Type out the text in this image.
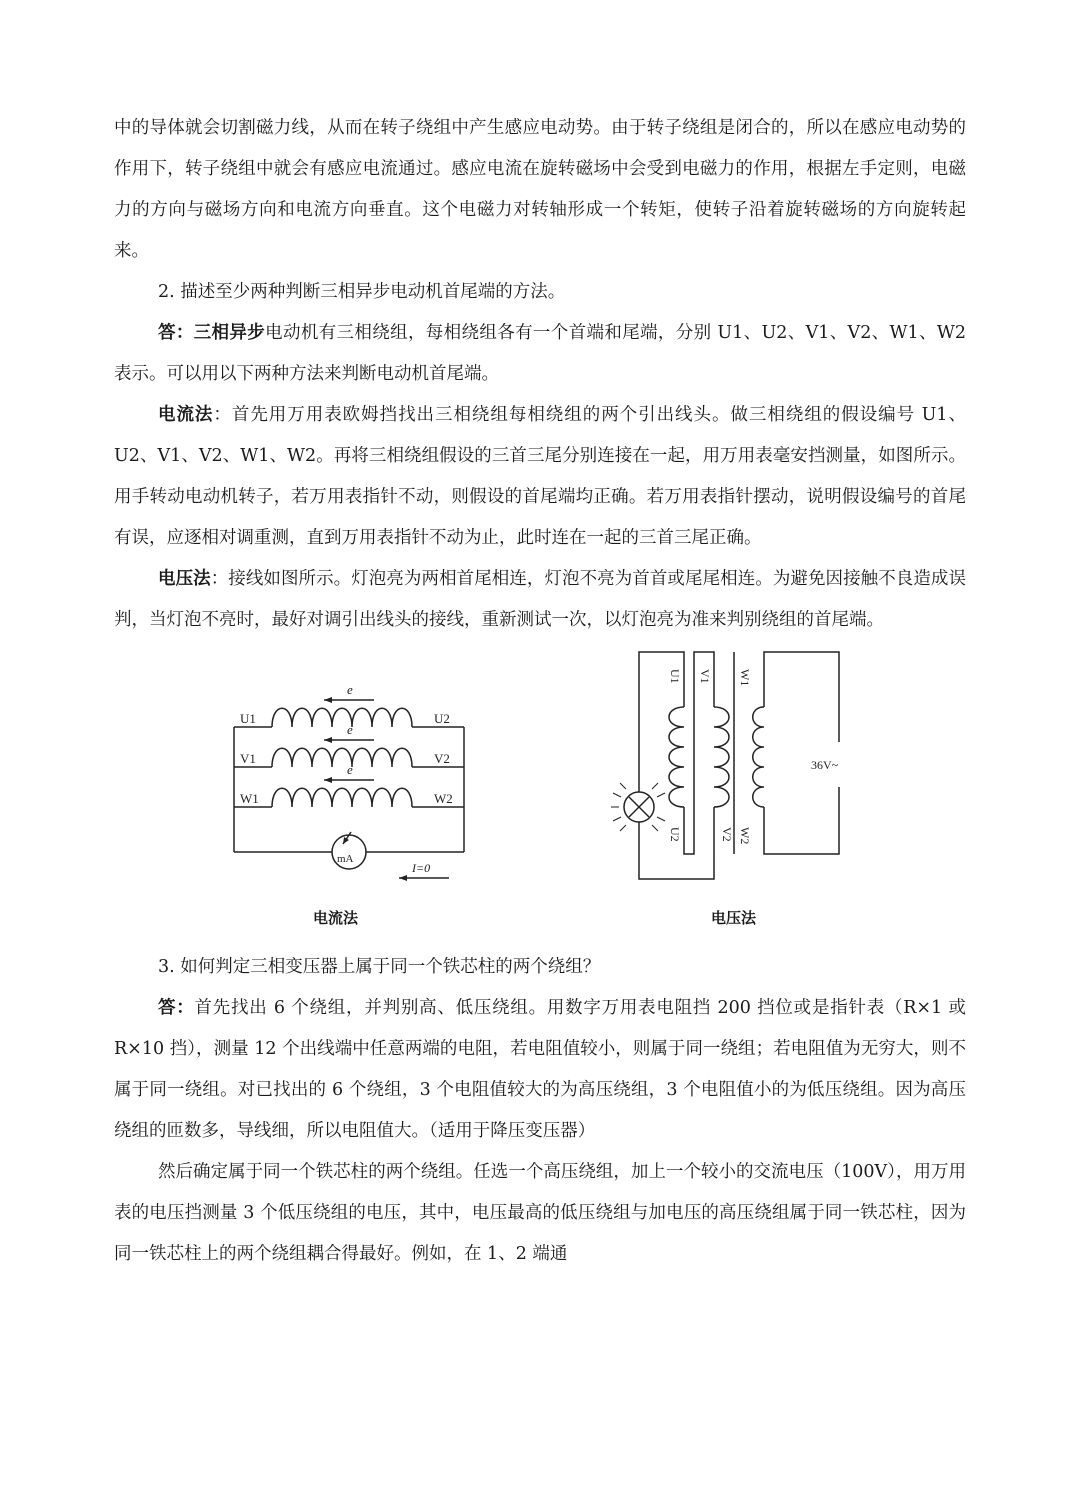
中的导体就会切割磁力线，从而在转子绕组中产生感应电动势。由于转子绕组是闭合的，所以在感应电动势的作用下，转子绕组中就会有感应电流通过。感应电流在旋转磁场中会受到电磁力的作用，根据左手定则，电磁力的方向与磁场方向和电流方向垂直。这个电磁力对转轴形成一个转矩，使转子沿着旋转磁场的方向旋转起来。

2. 描述至少两种判断三相异步电动机首尾端的方法。

答：三相异步电动机有三相绕组，每相绕组各有一个首端和尾端，分别 U1、U2、V1、V2、W1、W2 表示。可以用以下两种方法来判断电动机首尾端。

电流法：首先用万用表欧姆挡找出三相绕组每相绕组的两个引出线头。做三相绕组的假设编号 U1、U2、V1、V2、W1、W2。再将三相绕组假设的三首三尾分别连接在一起，用万用表毫安挡测量，如图所示。用手转动电动机转子，若万用表指针不动，则假设的首尾端均正确。若万用表指针摆动，说明假设编号的首尾有误，应逐相对调重测，直到万用表指针不动为止，此时连在一起的三首三尾正确。

电压法：接线如图所示。灯泡亮为两相首尾相连，灯泡不亮为首首或尾尾相连。为避免因接触不良造成误判，当灯泡不亮时，最好对调引出线头的接线，重新测试一次，以灯泡亮为准来判别绕组的首尾端。

U1	U2
V1	V2
W1	W2
e
e
e
mA
I=0
电流法
U1
U2
V1
V2
W1
W2
36V~
电压法

3. 如何判定三相变压器上属于同一个铁芯柱的两个绕组？

答：首先找出 6 个绕组，并判别高、低压绕组。用数字万用表电阻挡 200 挡位或是指针表（R×1 或 R×10 挡），测量 12 个出线端中任意两端的电阻，若电阻值较小，则属于同一绕组；若电阻值为无穷大，则不属于同一绕组。对已找出的 6 个绕组，3 个电阻值较大的为高压绕组，3 个电阻值小的为低压绕组。因为高压绕组的匝数多，导线细，所以电阻值大。（适用于降压变压器）

然后确定属于同一个铁芯柱的两个绕组。任选一个高压绕组，加上一个较小的交流电压（100V），用万用表的电压挡测量 3 个低压绕组的电压，其中，电压最高的低压绕组与加电压的高压绕组属于同一铁芯柱，因为同一铁芯柱上的两个绕组耦合得最好。例如，在 1、2 端通
